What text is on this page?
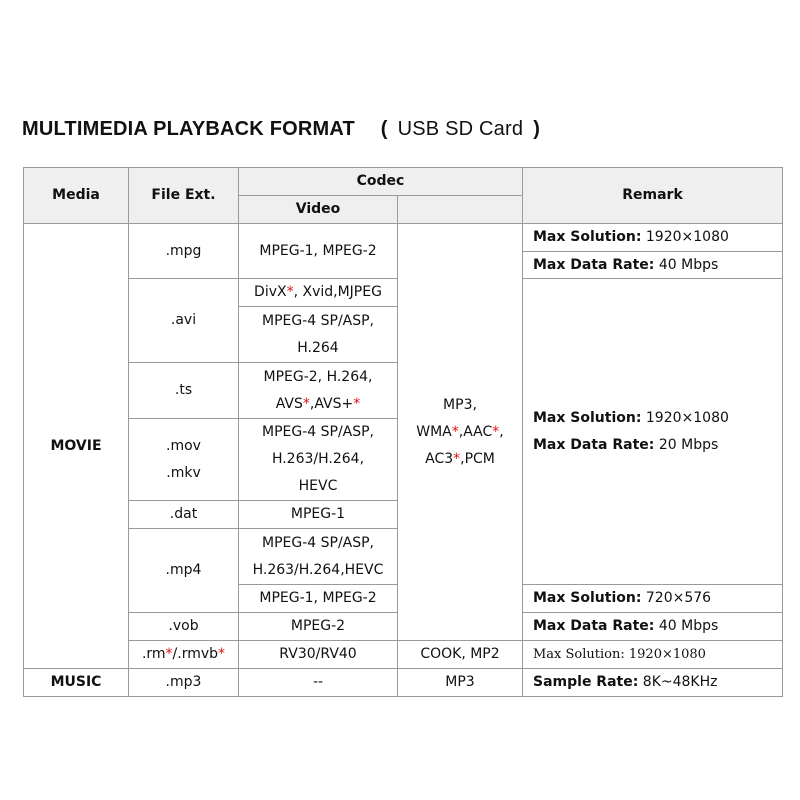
MULTIMEDIA PLAYBACK FORMAT ( USB SD Card )
Media	File Ext.
Codec
Video
Remark
MOVIE
MUSIC
.mpg
.avi
.ts
.mov
.mkv
.dat
.mp4
.vob
.rm*/.rmvb*
.mp3
MPEG-1, MPEG-2
DivX*, Xvid,MJPEG
MPEG-4 SP/ASP,
H.264
MPEG-2, H.264,
AVS*,AVS+*
MPEG-4 SP/ASP,
H.263/H.264,
HEVC
MPEG-1
MPEG-4 SP/ASP,
H.263/H.264,HEVC
MPEG-1, MPEG-2
MPEG-2
RV30/RV40
--
MP3,
WMA*,AAC*,
AC3*,PCM
COOK, MP2
MP3
Max Solution: 1920×1080
Max Data Rate: 40 Mbps
Max Solution: 1920×1080
Max Data Rate: 20 Mbps
Max Solution: 720×576
Max Data Rate: 40 Mbps
Max Solution: 1920×1080
Sample Rate: 8K~48KHz
